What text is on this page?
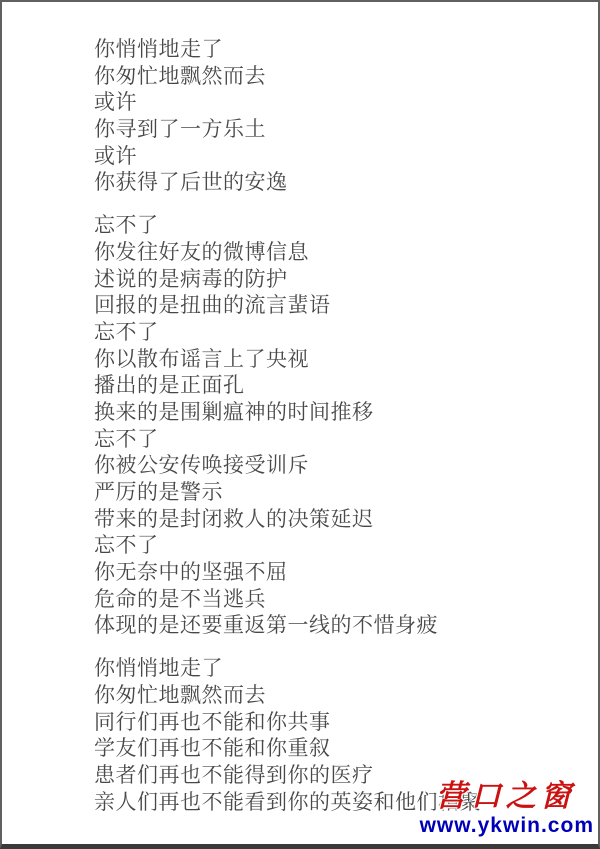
你悄悄地走了

你匆忙地飘然而去

或许

你寻到了一方乐土

或许

你获得了后世的安逸

忘不了

你发往好友的微博信息

述说的是病毒的防护

回报的是扭曲的流言蜚语

忘不了

你以散布谣言上了央视

播出的是正面孔

换来的是围剿瘟神的时间推移

忘不了

你被公安传唤接受训斥

严厉的是警示

带来的是封闭救人的决策延迟

忘不了

你无奈中的坚强不屈

危命的是不当逃兵

体现的是还要重返第一线的不惜身疲

你悄悄地走了

你匆忙地飘然而去

同行们再也不能和你共事

学友们再也不能和你重叙

患者们再也不能得到你的医疗

亲人们再也不能看到你的英姿和他们相聚

营口之窗
www.ykwin.com
